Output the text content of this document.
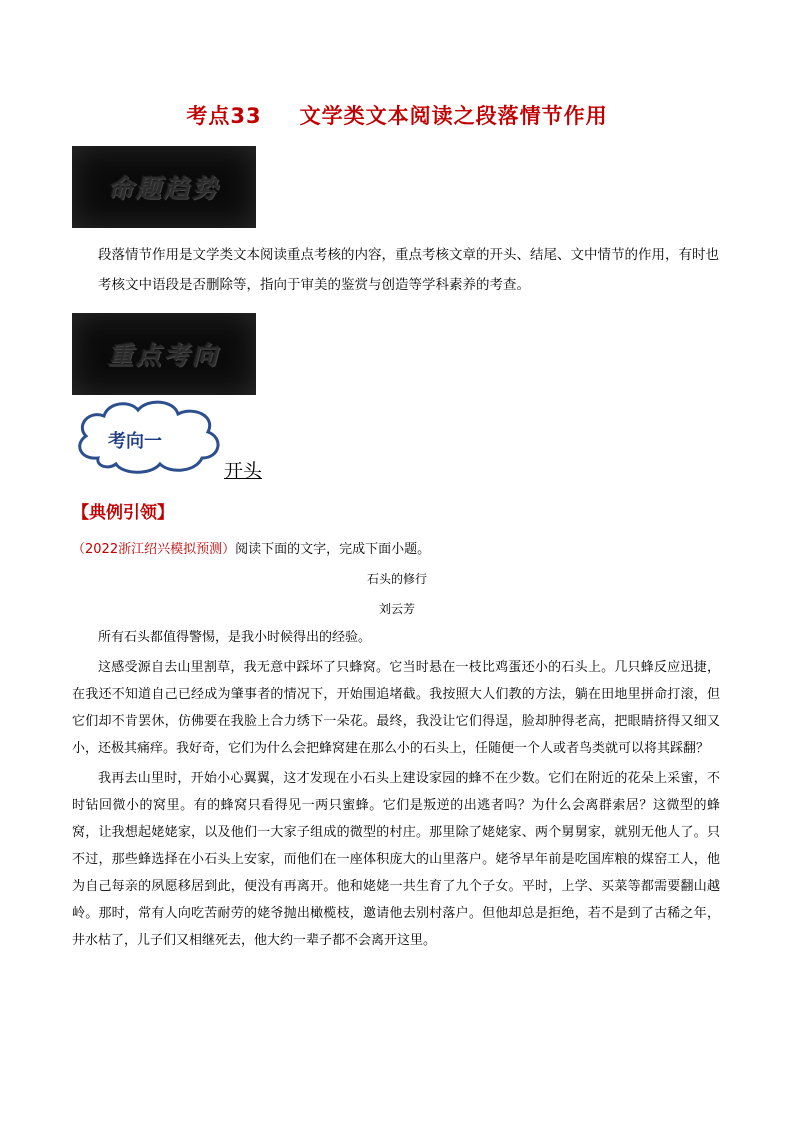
考点33 文学类文本阅读之段落情节作用
命题趋势
段落情节作用是文学类文本阅读重点考核的内容，重点考核文章的开头、结尾、文中情节的作用，有时也考核文中语段是否删除等，指向于审美的鉴赏与创造等学科素养的考查。
重点考向
考向一
开头
【典例引领】
（2022浙江绍兴模拟预测）阅读下面的文字，完成下面小题。
石头的修行
刘云芳

所有石头都值得警惕，是我小时候得出的经验。

这感受源自去山里割草，我无意中踩坏了只蜂窝。它当时悬在一枝比鸡蛋还小的石头上。几只蜂反应迅捷，在我还不知道自己已经成为肇事者的情况下，开始围追堵截。我按照大人们教的方法，躺在田地里拼命打滚，但它们却不肯罢休，仿佛要在我脸上合力绣下一朵花。最终，我没让它们得逞，脸却肿得老高，把眼睛挤得又细又小，还极其痛痒。我好奇，它们为什么会把蜂窝建在那么小的石头上，任随便一个人或者鸟类就可以将其踩翻？

我再去山里时，开始小心翼翼，这才发现在小石头上建设家园的蜂不在少数。它们在附近的花朵上采蜜，不时钻回微小的窝里。有的蜂窝只看得见一两只蜜蜂。它们是叛逆的出逃者吗？为什么会离群索居？这微型的蜂窝，让我想起姥姥家，以及他们一大家子组成的微型的村庄。那里除了姥姥家、两个舅舅家，就别无他人了。只不过，那些蜂选择在小石头上安家，而他们在一座体积庞大的山里落户。姥爷早年前是吃国库粮的煤窑工人，他为自己每亲的夙愿移居到此，便没有再离开。他和姥姥一共生育了九个子女。平时，上学、买菜等都需要翻山越岭。那时，常有人向吃苦耐劳的姥爷抛出橄榄枝，邀请他去别村落户。但他却总是拒绝，若不是到了古稀之年，井水枯了，儿子们又相继死去，他大约一辈子都不会离开这里。
